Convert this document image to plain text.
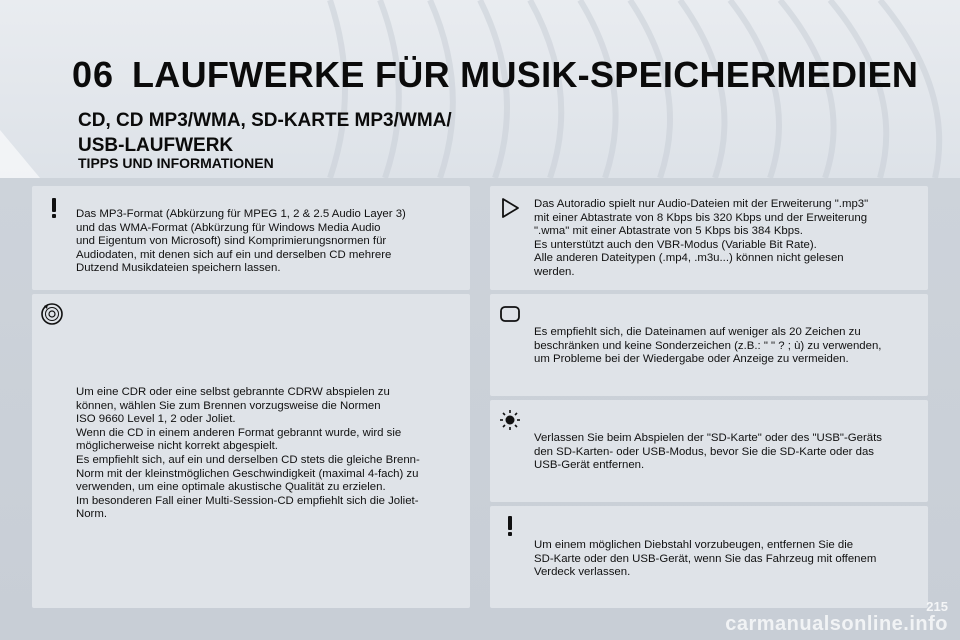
06 LAUFWERKE FÜR MUSIK-SPEICHERMEDIEN
CD, CD MP3/WMA, SD-KARTE MP3/WMA/ USB-LAUFWERK
TIPPS UND INFORMATIONEN
Das MP3-Format (Abkürzung für MPEG 1, 2 & 2.5 Audio Layer 3)
und das WMA-Format (Abkürzung für Windows Media Audio
und Eigentum von Microsoft) sind Komprimierungsnormen für
Audiodaten, mit denen sich auf ein und derselben CD mehrere
Dutzend Musikdateien speichern lassen.
Um eine CDR oder eine selbst gebrannte CDRW abspielen zu
können, wählen Sie zum Brennen vorzugsweise die Normen
ISO 9660 Level 1, 2 oder Joliet.
Wenn die CD in einem anderen Format gebrannt wurde, wird sie
möglicherweise nicht korrekt abgespielt.
Es empfiehlt sich, auf ein und derselben CD stets die gleiche Brenn-
Norm mit der kleinstmöglichen Geschwindigkeit (maximal 4-fach) zu
verwenden, um eine optimale akustische Qualität zu erzielen.
Im besonderen Fall einer Multi-Session-CD empfiehlt sich die Joliet-
Norm.
Das Autoradio spielt nur Audio-Dateien mit der Erweiterung ".mp3"
mit einer Abtastrate von 8 Kbps bis 320 Kbps und der Erweiterung
".wma" mit einer Abtastrate von 5 Kbps bis 384 Kbps.
Es unterstützt auch den VBR-Modus (Variable Bit Rate).
Alle anderen Dateitypen (.mp4, .m3u...) können nicht gelesen
werden.
Es empfiehlt sich, die Dateinamen auf weniger als 20 Zeichen zu
beschränken und keine Sonderzeichen (z.B.: " " ? ; ù) zu verwenden,
um Probleme bei der Wiedergabe oder Anzeige zu vermeiden.
Verlassen Sie beim Abspielen der "SD-Karte" oder des "USB"-Geräts
den SD-Karten- oder USB-Modus, bevor Sie die SD-Karte oder das
USB-Gerät entfernen.
Um einem möglichen Diebstahl vorzubeugen, entfernen Sie die
SD-Karte oder den USB-Gerät, wenn Sie das Fahrzeug mit offenem
Verdeck verlassen.
215
carmanualsonline.info
